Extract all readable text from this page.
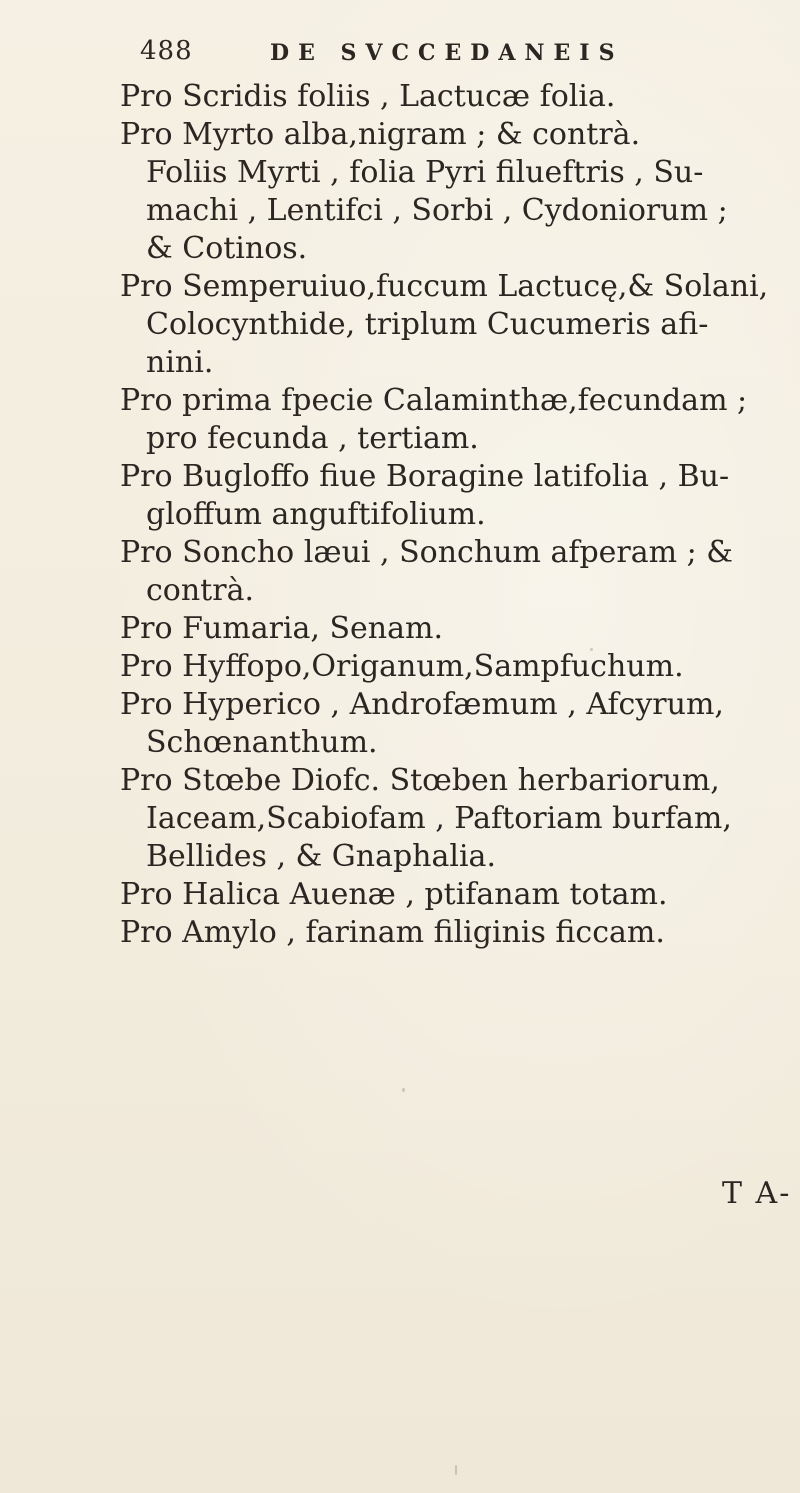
488	DE SVCCEDANEIS

Pro Scridis foliis , Lactucæ folia.

Pro Myrto alba,nigram ; & contrà.
Foliis Myrti , folia Pyri filueftris , Su-
machi , Lentifci , Sorbi , Cydoniorum ;
& Cotinos.

Pro Semperuiuo,fuccum Lactucę,& Solani,
Colocynthide, triplum Cucumeris afi-
nini.

Pro prima fpecie Calaminthæ,fecundam ;
pro fecunda , tertiam.

Pro Bugloffo fiue Boragine latifolia , Bu-
gloffum anguftifolium.

Pro Soncho læui , Sonchum afperam ; &
contrà.

Pro Fumaria, Senam.

Pro Hyffopo,Origanum,Sampfuchum.

Pro Hyperico , Androfæmum , Afcyrum,
Schœnanthum.

Pro Stœbe Diofc. Stœben herbariorum,
Iaceam,Scabiofam , Paftoriam burfam,
Bellides , & Gnaphalia.

Pro Halica Auenæ , ptifanam totam.

Pro Amylo , farinam filiginis ficcam.

T A-
